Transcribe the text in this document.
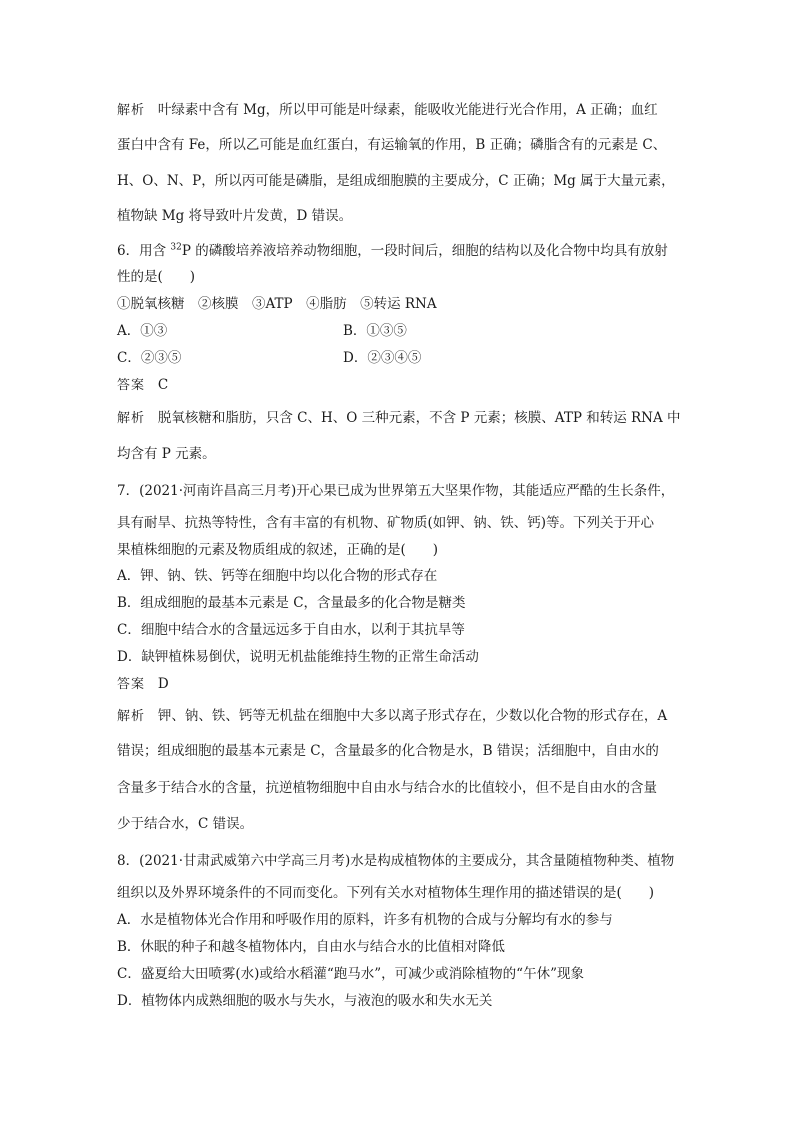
解析 叶绿素中含有 Mg，所以甲可能是叶绿素，能吸收光能进行光合作用，A 正确；血红
蛋白中含有 Fe，所以乙可能是血红蛋白，有运输氧的作用，B 正确；磷脂含有的元素是 C、
H、O、N、P，所以丙可能是磷脂，是组成细胞膜的主要成分，C 正确；Mg 属于大量元素，
植物缺 Mg 将导致叶片发黄，D 错误。
6．用含 $^{32}$P 的磷酸培养液培养动物细胞，一段时间后，细胞的结构以及化合物中均具有放射
性的是(　　)
①脱氧核糖　②核膜　③ATP　④脂肪　⑤转运 RNA
A．①③	B．①③⑤
C．②③⑤	D．②③④⑤
答案 C
解析 脱氧核糖和脂肪，只含 C、H、O 三种元素，不含 P 元素；核膜、ATP 和转运 RNA 中
均含有 P 元素。
7．(2021·河南许昌高三月考)开心果已成为世界第五大坚果作物，其能适应严酷的生长条件，
具有耐旱、抗热等特性，含有丰富的有机物、矿物质(如钾、钠、铁、钙)等。下列关于开心
果植株细胞的元素及物质组成的叙述，正确的是(　　)
A．钾、钠、铁、钙等在细胞中均以化合物的形式存在
B．组成细胞的最基本元素是 C，含量最多的化合物是糖类
C．细胞中结合水的含量远远多于自由水，以利于其抗旱等
D．缺钾植株易倒伏，说明无机盐能维持生物的正常生命活动
答案 D
解析 钾、钠、铁、钙等无机盐在细胞中大多以离子形式存在，少数以化合物的形式存在，A
错误；组成细胞的最基本元素是 C，含量最多的化合物是水，B 错误；活细胞中，自由水的
含量多于结合水的含量，抗逆植物细胞中自由水与结合水的比值较小，但不是自由水的含量
少于结合水，C 错误。
8．(2021·甘肃武威第六中学高三月考)水是构成植物体的主要成分，其含量随植物种类、植物
组织以及外界环境条件的不同而变化。下列有关水对植物体生理作用的描述错误的是(　　)
A．水是植物体光合作用和呼吸作用的原料，许多有机物的合成与分解均有水的参与
B．休眠的种子和越冬植物体内，自由水与结合水的比值相对降低
C．盛夏给大田喷雾(水)或给水稻灌“跑马水”，可减少或消除植物的“午休”现象
D．植物体内成熟细胞的吸水与失水，与液泡的吸水和失水无关
